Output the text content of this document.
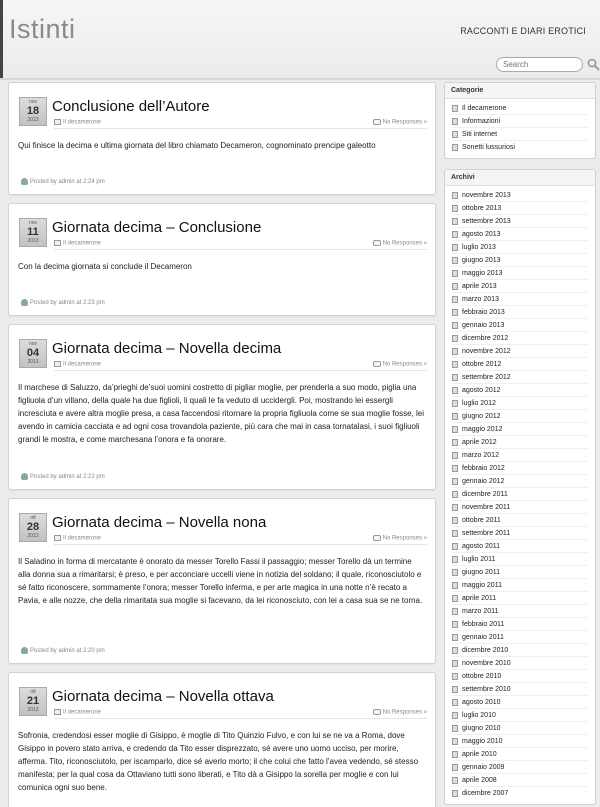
Istinti	RACCONTI E DIARI EROTICI
Search
nov
18
2013
Conclusione dell’Autore
Il decamerone	No Responses »
Qui finisce la decima e ultima giornata del libro chiamato Decameron, cognominato prencipe galeotto
Posted by admin at 2:24 pm
nov
11
2013
Giornata decima – Conclusione
Il decamerone	No Responses »
Con la decima giornata si conclude il Decameron
Posted by admin at 2:23 pm
nov
04
2013
Giornata decima – Novella decima
Il decamerone	No Responses »
Il marchese di Saluzzo, da’prieghi de’suoi uomini costretto di pigliar moglie, per prenderla a suo modo, piglia una figliuola d’un villano, della quale ha due figlioli, li quali le fa veduto di uccidergli. Poi, mostrando lei essergli increscìuta e avere altra moglie presa, a casa faccendosi ritornare la propria figliuola come se sua moglie fosse, lei avendo in camicia cacciata e ad ogni cosa trovandola paziente, più cara che mai in casa tornatalasi, i suoi figliuoli grandi le mostra, e come marchesana l’onora e fa onorare.
Posted by admin at 2:22 pm
ott
28
2013
Giornata decima – Novella nona
Il decamerone	No Responses »
Il Saladino in forma di mercatante è onorato da messer Torello Fassi il passaggio; messer Torello dà un termine alla donna sua a rimaritarsi; è preso, e per acconciare uccelli viene in notizia del soldano; il quale, riconosciutolo e sé fatto riconoscere, sommamente l’onora; messer Torello inferma, e per arte magica in una notte n’è recato a Pavia, e alle nozze, che della rimaritata sua moglie si facevano, da lei riconosciuto, con lei a casa sua se ne torna.
Posted by admin at 2:20 pm
ott
21
2013
Giornata decima – Novella ottava
Il decamerone	No Responses »
Sofronia, credendosi esser moglie di Gisippo, è moglie di Tito Quinzio Fulvo, e con lui se ne va a Roma, dove Gisippo in povero stato arriva, e credendo da Tito esser disprezzato, sé avere uno uomo ucciso, per morire, afferma. Tito, riconosciutolo, per iscamparlo, dice sé averlo morto; il che colui che fatto l’avea vedendo, sé stesso manifesta; per la qual cosa da Ottaviano tutti sono liberati, e Tito dà a Gisippo la sorella per moglie e con lui comunica ogni suo bene.
Categorie
Il decamerone
Informazioni
Siti internet
Sonetti lussuriosi
Archivi
novembre 2013
ottobre 2013
settembre 2013
agosto 2013
luglio 2013
giugno 2013
maggio 2013
aprile 2013
marzo 2013
febbraio 2013
gennaio 2013
dicembre 2012
novembre 2012
ottobre 2012
settembre 2012
agosto 2012
luglio 2012
giugno 2012
maggio 2012
aprile 2012
marzo 2012
febbraio 2012
gennaio 2012
dicembre 2011
novembre 2011
ottobre 2011
settembre 2011
agosto 2011
luglio 2011
giugno 2011
maggio 2011
aprile 2011
marzo 2011
febbraio 2011
gennaio 2011
dicembre 2010
novembre 2010
ottobre 2010
settembre 2010
agosto 2010
luglio 2010
giugno 2010
maggio 2010
aprile 2010
gennaio 2009
aprile 2008
dicembre 2007
